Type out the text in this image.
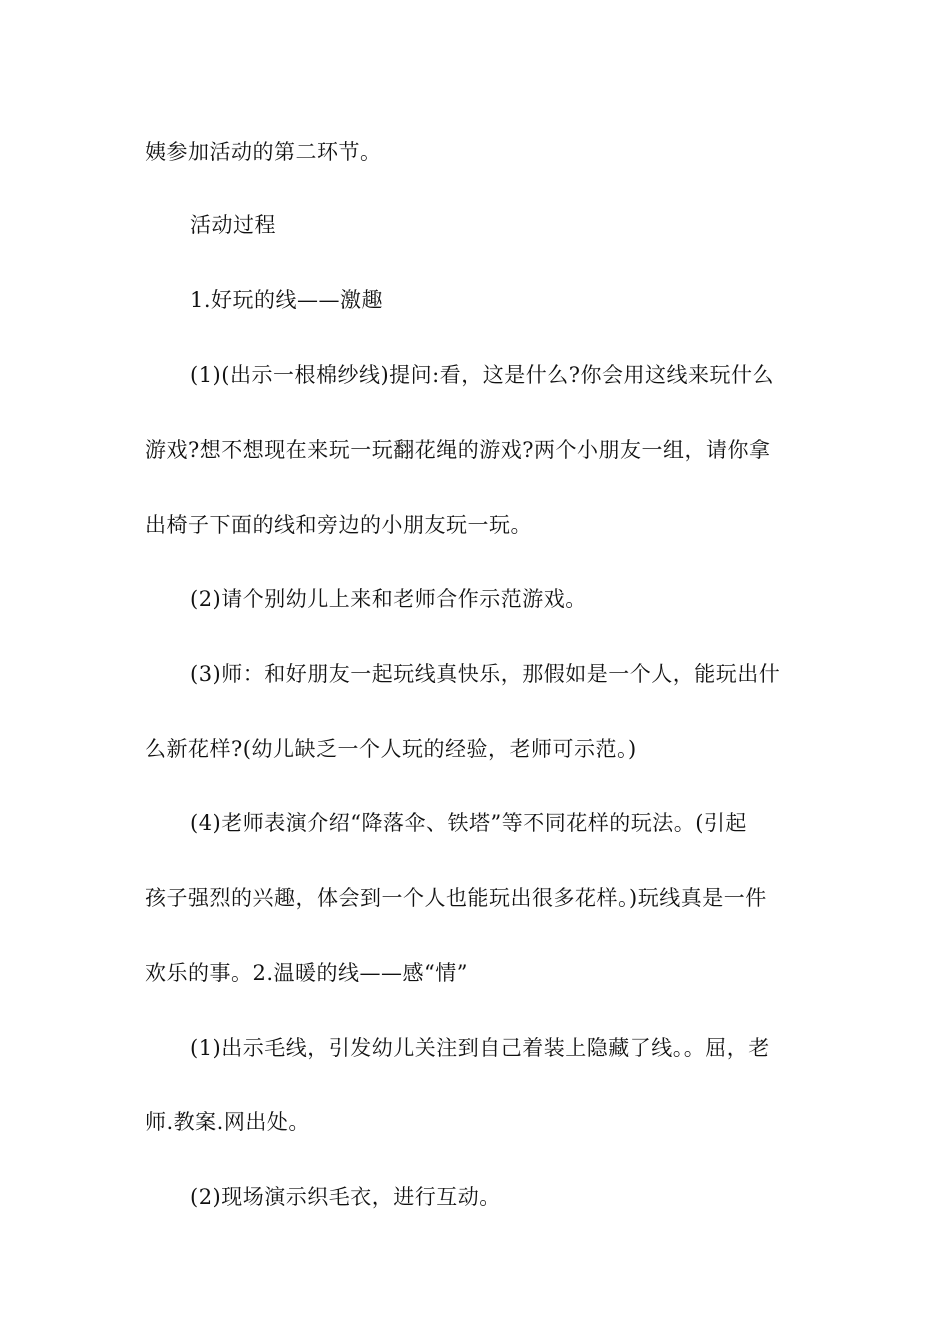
姨参加活动的第二环节。
活动过程
1.好玩的线——激趣
(1)(出示一根棉纱线)提问:看，这是什么?你会用这线来玩什么
游戏?想不想现在来玩一玩翻花绳的游戏?两个小朋友一组，请你拿
出椅子下面的线和旁边的小朋友玩一玩。
(2)请个别幼儿上来和老师合作示范游戏。
(3)师：和好朋友一起玩线真快乐，那假如是一个人，能玩出什
么新花样?(幼儿缺乏一个人玩的经验，老师可示范。)
(4)老师表演介绍“降落伞、铁塔”等不同花样的玩法。(引起
孩子强烈的兴趣，体会到一个人也能玩出很多花样。)玩线真是一件
欢乐的事。2.温暖的线——感“情”
(1)出示毛线，引发幼儿关注到自己着装上隐藏了线。。屈，老
师.教案.网出处。
(2)现场演示织毛衣，进行互动。
